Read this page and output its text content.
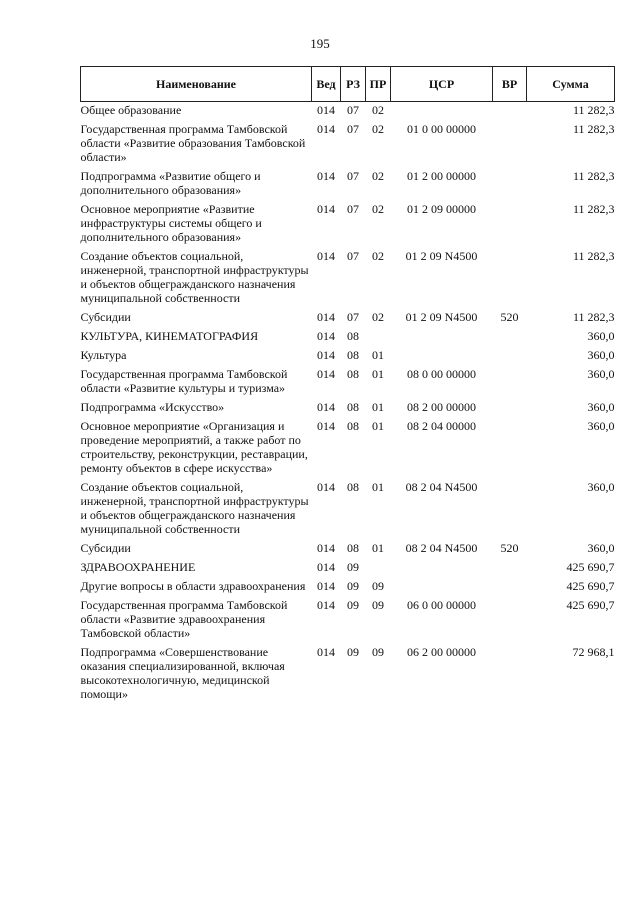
195
Наименование	Вед	РЗ	ПР	ЦСР	ВР	Сумма
Общее образование	014	07	02			11 282,3
Государственная программа Тамбовской области «Развитие образования Тамбовской области»	014	07	02	01 0 00 00000		11 282,3
Подпрограмма «Развитие общего и дополнительного образования»	014	07	02	01 2 00 00000		11 282,3
Основное мероприятие «Развитие инфраструктуры системы общего и дополнительного образования»	014	07	02	01 2 09 00000		11 282,3
Создание объектов социальной, инженерной, транспортной инфраструктуры и объектов общегражданского назначения муниципальной собственности	014	07	02	01 2 09 N4500		11 282,3
Субсидии	014	07	02	01 2 09 N4500	520	11 282,3
КУЛЬТУРА, КИНЕМАТОГРАФИЯ	014	08				360,0
Культура	014	08	01			360,0
Государственная программа Тамбовской области «Развитие культуры и туризма»	014	08	01	08 0 00 00000		360,0
Подпрограмма «Искусство»	014	08	01	08 2 00 00000		360,0
Основное мероприятие «Организация и проведение мероприятий, а также работ по строительству, реконструкции, реставрации, ремонту объектов в сфере искусства»	014	08	01	08 2 04 00000		360,0
Создание объектов социальной, инженерной, транспортной инфраструктуры и объектов общегражданского назначения муниципальной собственности	014	08	01	08 2 04 N4500		360,0
Субсидии	014	08	01	08 2 04 N4500	520	360,0
ЗДРАВООХРАНЕНИЕ	014	09				425 690,7
Другие вопросы в области здравоохранения	014	09	09			425 690,7
Государственная программа Тамбовской области «Развитие здравоохранения Тамбовской области»	014	09	09	06 0 00 00000		425 690,7
Подпрограмма «Совершенствование оказания специализированной, включая высокотехнологичную, медицинской помощи»	014	09	09	06 2 00 00000		72 968,1
